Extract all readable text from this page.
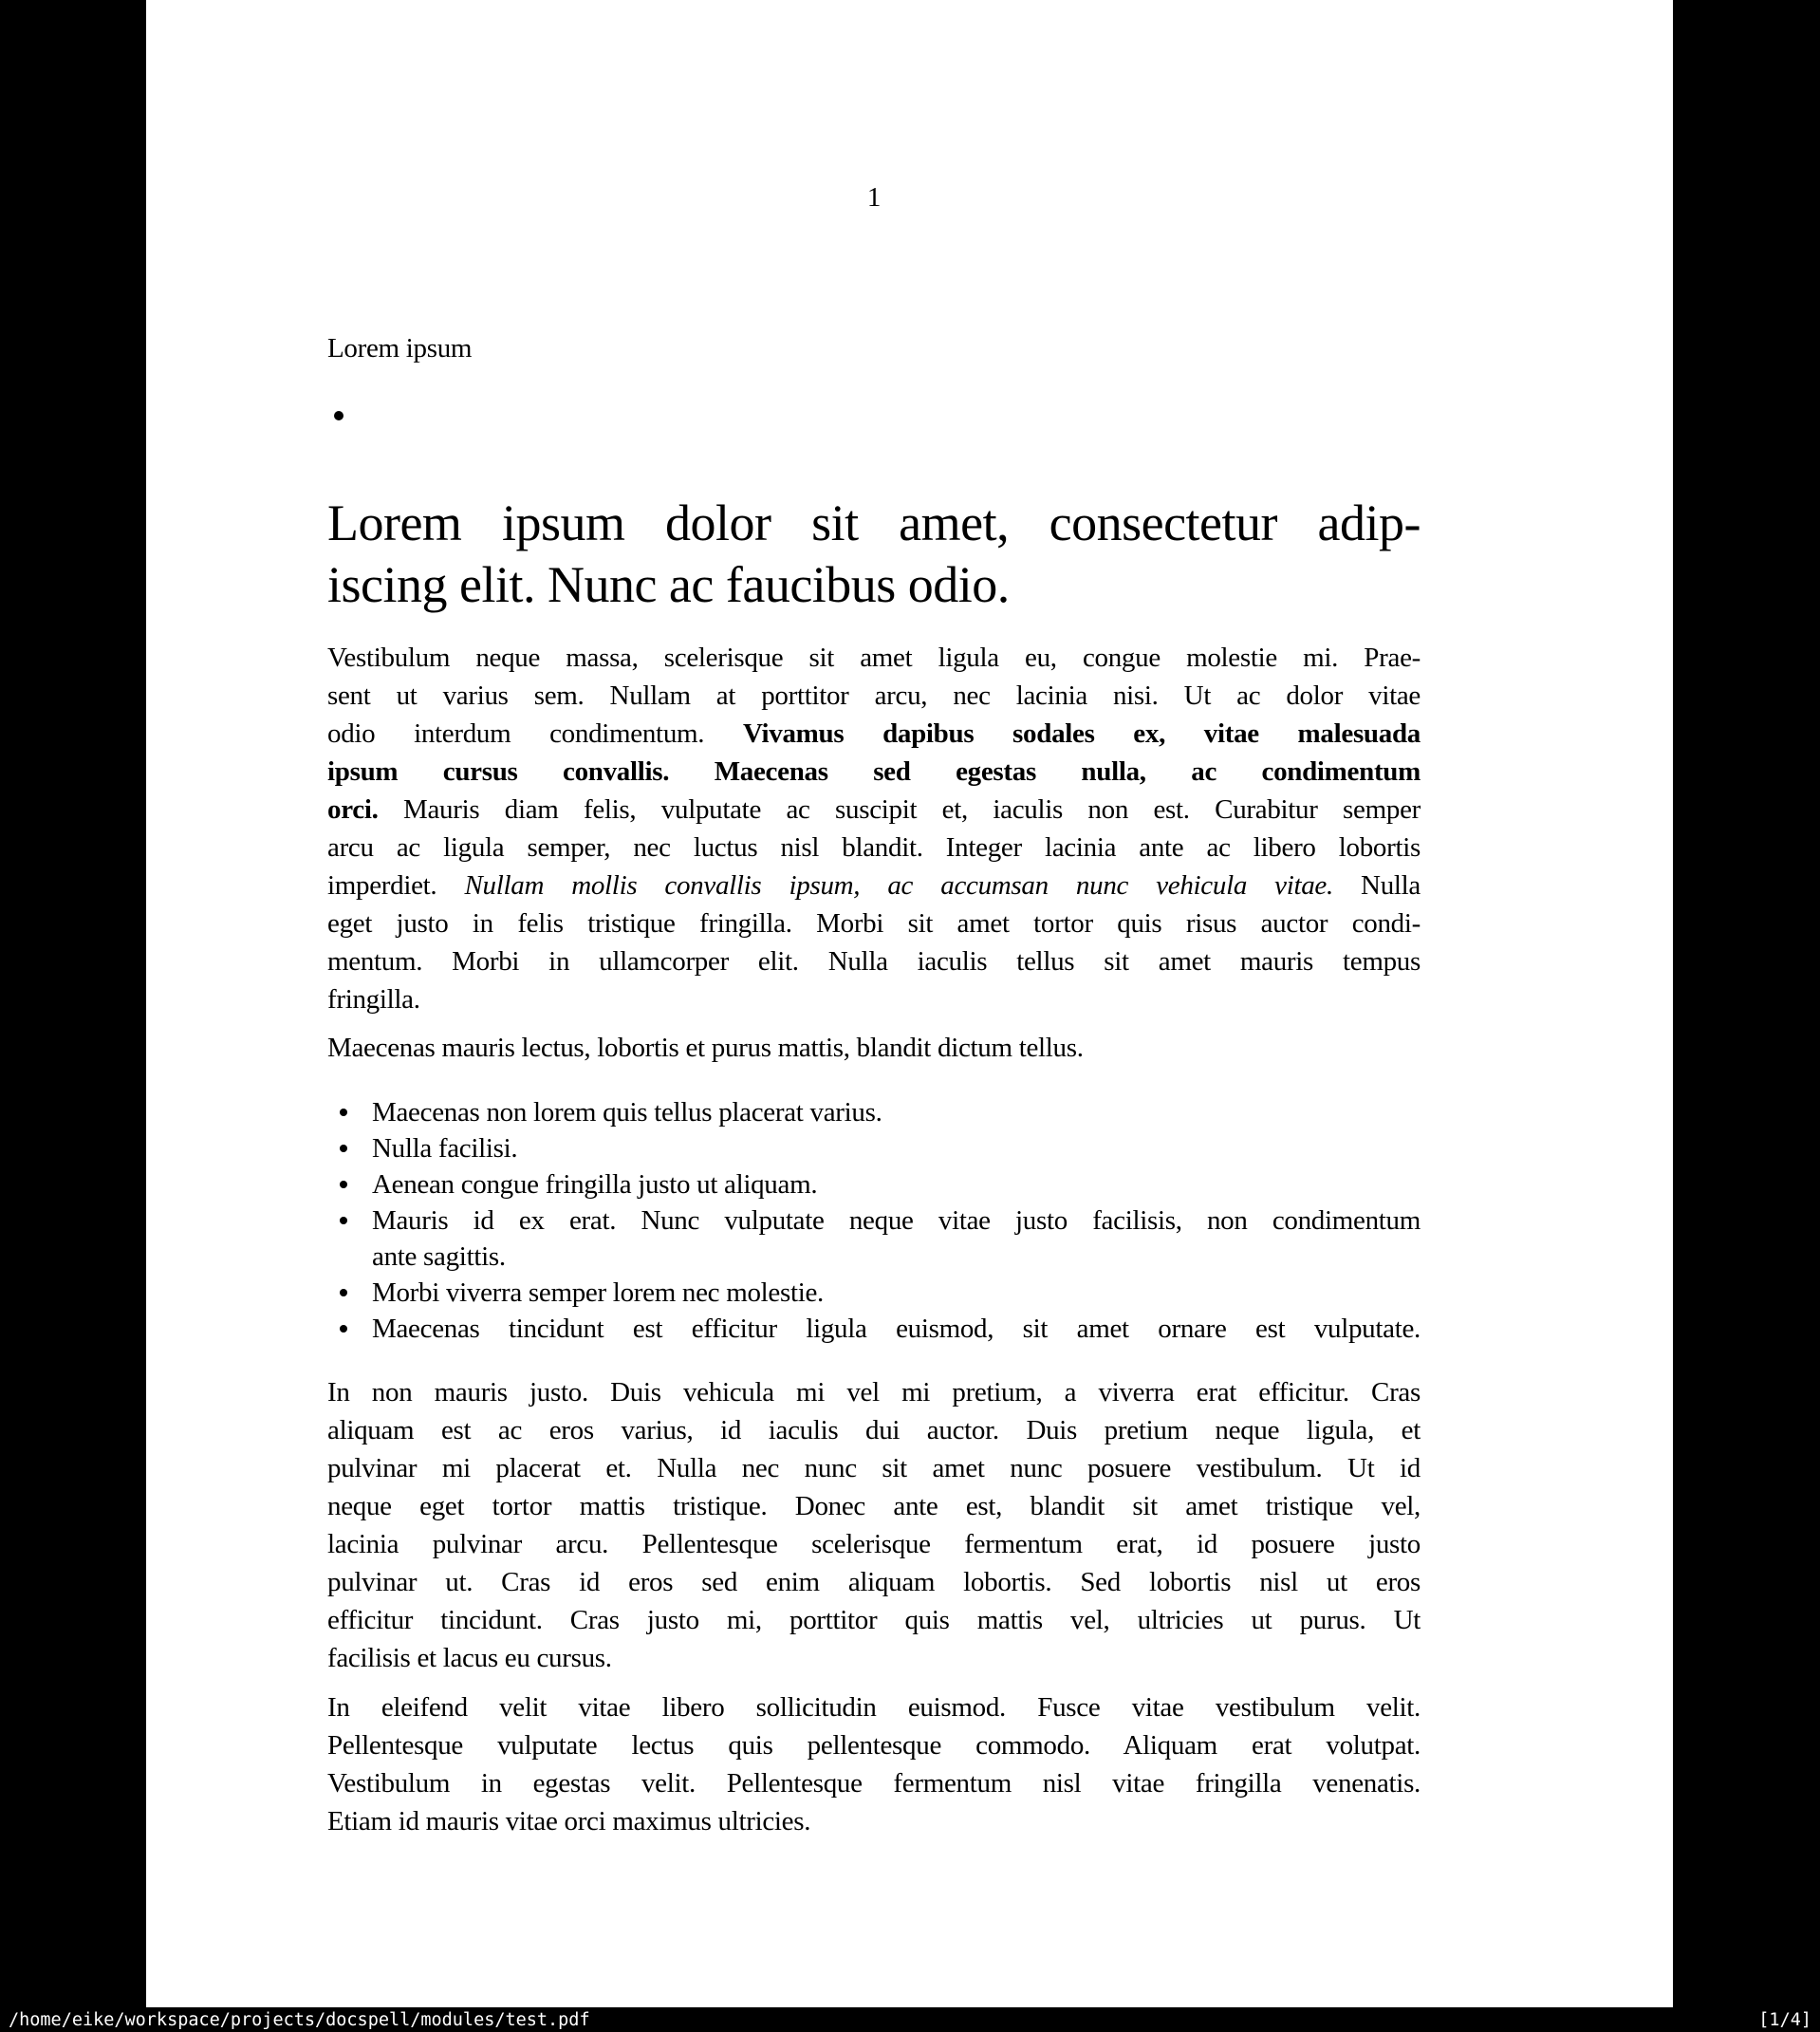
1
Lorem ipsum
Lorem ipsum dolor sit amet, consectetur adip-
iscing elit. Nunc ac faucibus odio.
Vestibulum neque massa, scelerisque sit amet ligula eu, congue molestie mi. Prae-
sent ut varius sem. Nullam at porttitor arcu, nec lacinia nisi. Ut ac dolor vitae
odio interdum condimentum. Vivamus dapibus sodales ex, vitae malesuada
ipsum cursus convallis. Maecenas sed egestas nulla, ac condimentum
orci. Mauris diam felis, vulputate ac suscipit et, iaculis non est. Curabitur semper
arcu ac ligula semper, nec luctus nisl blandit. Integer lacinia ante ac libero lobortis
imperdiet. Nullam mollis convallis ipsum, ac accumsan nunc vehicula vitae. Nulla
eget justo in felis tristique fringilla. Morbi sit amet tortor quis risus auctor condi-
mentum. Morbi in ullamcorper elit. Nulla iaculis tellus sit amet mauris tempus
fringilla.
Maecenas mauris lectus, lobortis et purus mattis, blandit dictum tellus.
Maecenas non lorem quis tellus placerat varius.
Nulla facilisi.
Aenean congue fringilla justo ut aliquam.
Mauris id ex erat. Nunc vulputate neque vitae justo facilisis, non condimentum
ante sagittis.
Morbi viverra semper lorem nec molestie.
Maecenas tincidunt est efficitur ligula euismod, sit amet ornare est vulputate.
In non mauris justo. Duis vehicula mi vel mi pretium, a viverra erat efficitur. Cras
aliquam est ac eros varius, id iaculis dui auctor. Duis pretium neque ligula, et
pulvinar mi placerat et. Nulla nec nunc sit amet nunc posuere vestibulum. Ut id
neque eget tortor mattis tristique. Donec ante est, blandit sit amet tristique vel,
lacinia pulvinar arcu. Pellentesque scelerisque fermentum erat, id posuere justo
pulvinar ut. Cras id eros sed enim aliquam lobortis. Sed lobortis nisl ut eros
efficitur tincidunt. Cras justo mi, porttitor quis mattis vel, ultricies ut purus. Ut
facilisis et lacus eu cursus.
In eleifend velit vitae libero sollicitudin euismod. Fusce vitae vestibulum velit.
Pellentesque vulputate lectus quis pellentesque commodo. Aliquam erat volutpat.
Vestibulum in egestas velit. Pellentesque fermentum nisl vitae fringilla venenatis.
Etiam id mauris vitae orci maximus ultricies.
/home/eike/workspace/projects/docspell/modules/test.pdf	[1/4]
